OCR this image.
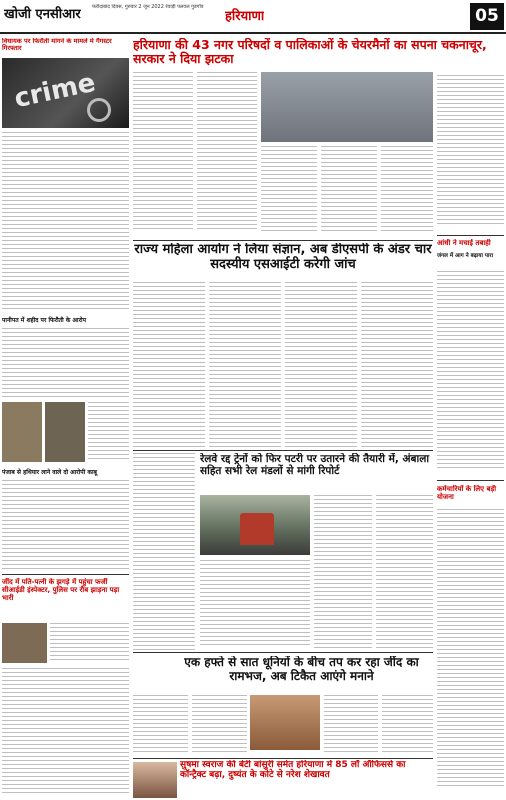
खोजी एनसीआर फरीदाबाद दिवस, गुरुवार 2 जून 2022 रेवाड़ी पलवल गुडगाँव
हरियाणा	05
विधायक पर फिरौती मांगने के मामले में गैंगस्टर गिरफ्तार
crime
पानीपत में शहीद पर फिरौती के आरोप
पंजाब से हथियार लाने वाले दो आरोपी काबू
जींद में पति-पत्नी के झगड़े में पहुंचा फर्जी सीआईडी इंस्पेक्टर, पुलिस पर रौब झाड़ना पड़ा भारी
हरियाणा की 43 नगर परिषदों व पालिकाओं के चेयरमैनों का सपना चकनाचूर, सरकार ने दिया झटका
आंधी ने मचाई तबाही
जंगल में आग ने बढ़ाया पारा
कर्मचारियों के लिए बड़ी योजना
राज्य महिला आयोग ने लिया संज्ञान, अब डीएसपी के अंडर चार सदस्यीय एसआईटी करेगी जांच
रेलवे रद्द ट्रेनों को फिर पटरी पर उतारने की तैयारी में, अंबाला सहित सभी रेल मंडलों से मांगी रिपोर्ट
एक हफ्ते से सात धूनियों के बीच तप कर रहा जींद का रामभज, अब टिकैत आएंगे मनाने
सुषमा स्वराज की बेटी बांसुरी समेत हरियाणा में 85 लॉ ऑफिसर्स का कॉन्ट्रैक्ट बढ़ा, दुष्यंत के कोटे से नरेश शेखावत
